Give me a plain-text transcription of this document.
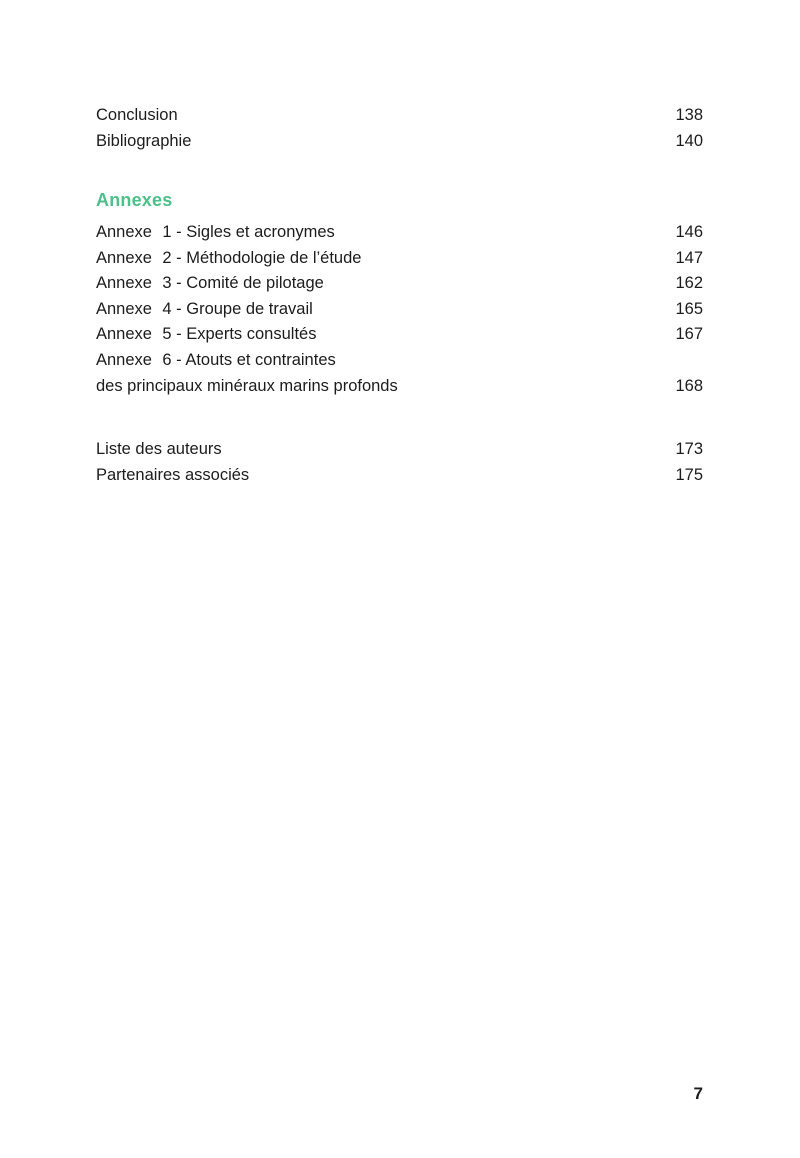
Conclusion	138
Bibliographie	140
Annexes
Annexe 1 - Sigles et acronymes	146
Annexe 2 - Méthodologie de l’étude	147
Annexe 3 - Comité de pilotage	162
Annexe 4 - Groupe de travail	165
Annexe 5 - Experts consultés	167
Annexe 6 - Atouts et contraintes
des principaux minéraux marins profonds	168
Liste des auteurs	173
Partenaires associés	175
7
